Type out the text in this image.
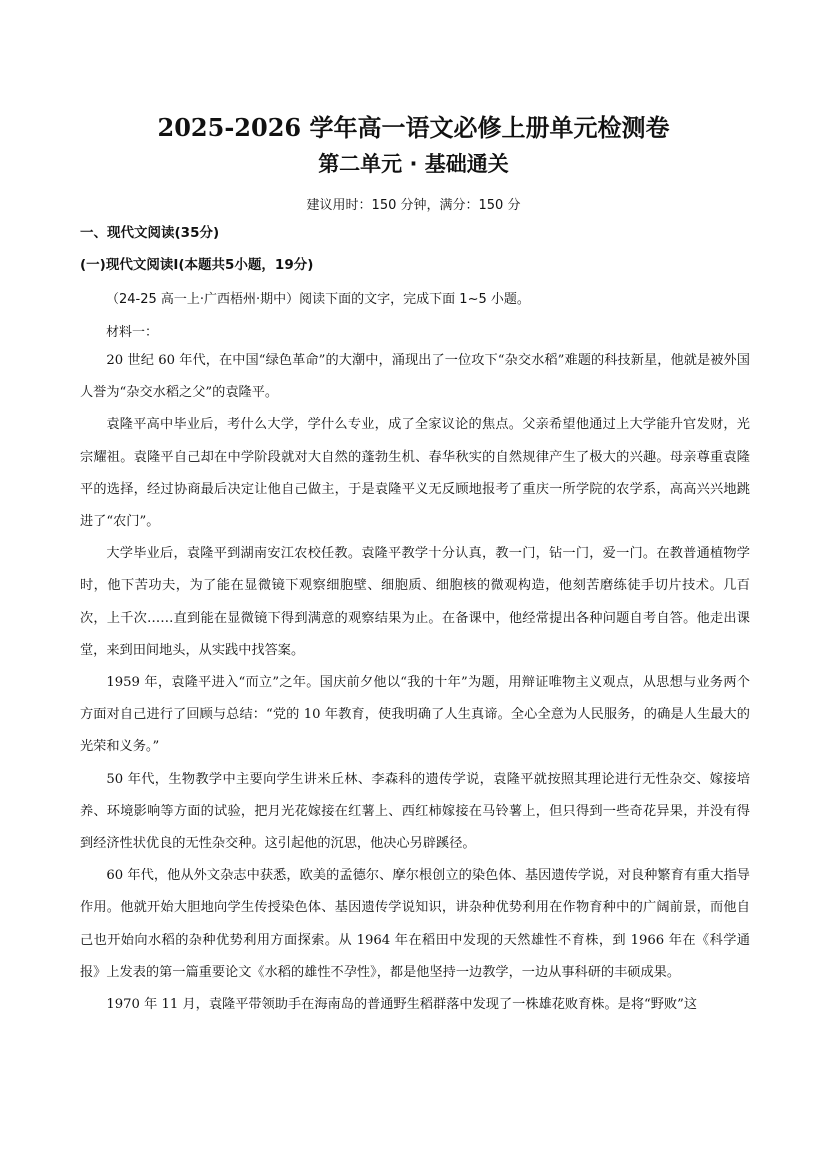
2025-2026 学年高一语文必修上册单元检测卷
第二单元 · 基础通关
建议用时：150 分钟，满分：150 分
一、现代文阅读(35分)
(一)现代文阅读Ⅰ(本题共5小题，19分)
（24-25 高一上·广西梧州·期中）阅读下面的文字，完成下面 1~5 小题。
材料一：

20 世纪 60 年代，在中国“绿色革命”的大潮中，涌现出了一位攻下“杂交水稻”难题的科技新星，他就是被外国人誉为“杂交水稻之父”的袁隆平。

袁隆平高中毕业后，考什么大学，学什么专业，成了全家议论的焦点。父亲希望他通过上大学能升官发财，光宗耀祖。袁隆平自己却在中学阶段就对大自然的蓬勃生机、春华秋实的自然规律产生了极大的兴趣。母亲尊重袁隆平的选择，经过协商最后决定让他自己做主，于是袁隆平义无反顾地报考了重庆一所学院的农学系，高高兴兴地跳进了“农门”。

大学毕业后，袁隆平到湖南安江农校任教。袁隆平教学十分认真，教一门，钻一门，爱一门。在教普通植物学时，他下苦功夫，为了能在显微镜下观察细胞壁、细胞质、细胞核的微观构造，他刻苦磨练徒手切片技术。几百次，上千次……直到能在显微镜下得到满意的观察结果为止。在备课中，他经常提出各种问题自考自答。他走出课堂，来到田间地头，从实践中找答案。

1959 年，袁隆平进入“而立”之年。国庆前夕他以“我的十年”为题，用辩证唯物主义观点，从思想与业务两个方面对自己进行了回顾与总结：“党的 10 年教育，使我明确了人生真谛。全心全意为人民服务，的确是人生最大的光荣和义务。”

50 年代，生物教学中主要向学生讲米丘林、李森科的遗传学说，袁隆平就按照其理论进行无性杂交、嫁接培养、环境影响等方面的试验，把月光花嫁接在红薯上、西红柿嫁接在马铃薯上，但只得到一些奇花异果，并没有得到经济性状优良的无性杂交种。这引起他的沉思，他决心另辟蹊径。

60 年代，他从外文杂志中获悉，欧美的孟德尔、摩尔根创立的染色体、基因遗传学说，对良种繁育有重大指导作用。他就开始大胆地向学生传授染色体、基因遗传学说知识，讲杂种优势利用在作物育种中的广阔前景，而他自己也开始向水稻的杂种优势利用方面探索。从 1964 年在稻田中发现的天然雄性不育株，到 1966 年在《科学通报》上发表的第一篇重要论文《水稻的雄性不孕性》，都是他坚持一边教学，一边从事科研的丰硕成果。

1970 年 11 月，袁隆平带领助手在海南岛的普通野生稻群落中发现了一株雄花败育株。是将“野败”这
